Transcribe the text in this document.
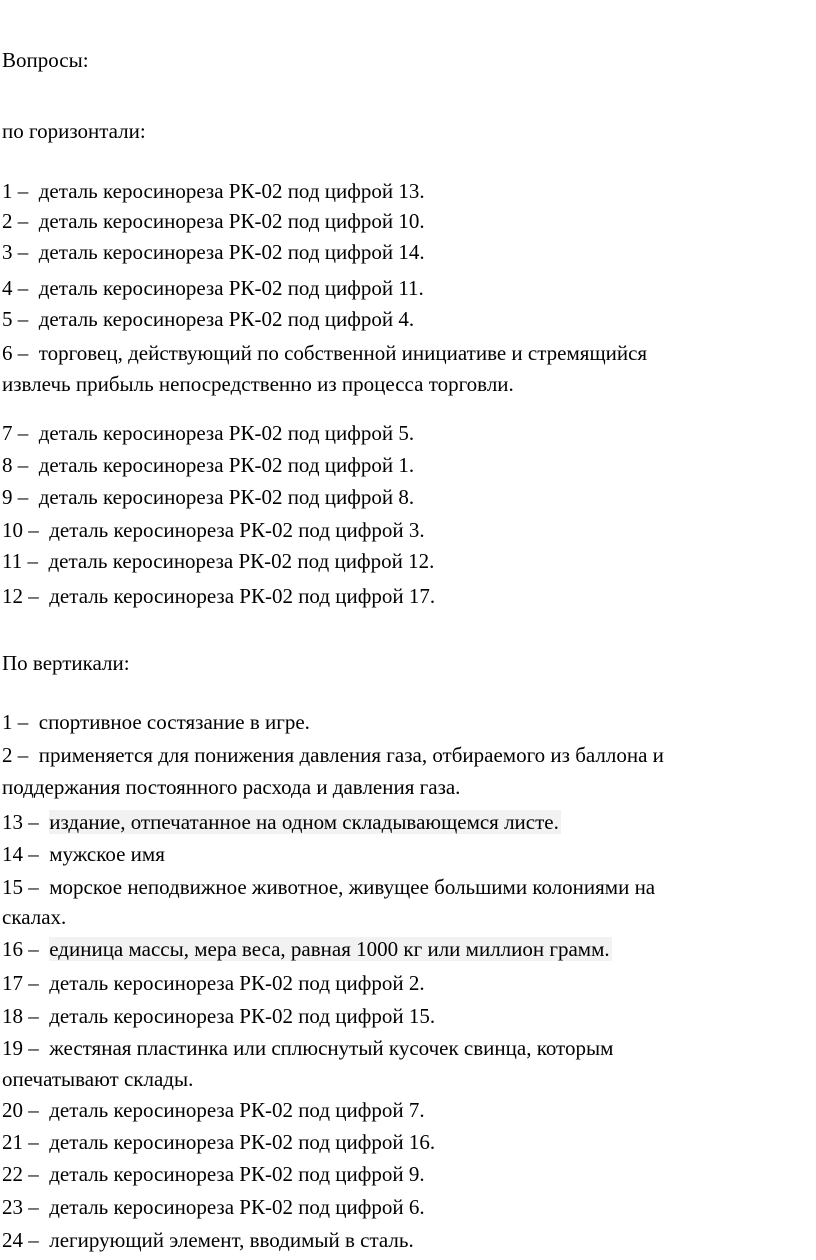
Вопросы:
по горизонтали:
1 – деталь керосинореза РК-02 под цифрой 13.
2 – деталь керосинореза РК-02 под цифрой 10.
3 – деталь керосинореза РК-02 под цифрой 14.
4 – деталь керосинореза РК-02 под цифрой 11.
5 – деталь керосинореза РК-02 под цифрой 4.
6 – торговец, действующий по собственной инициативе и стремящийся
извлечь прибыль непосредственно из процесса торговли.
7 – деталь керосинореза РК-02 под цифрой 5.
8 – деталь керосинореза РК-02 под цифрой 1.
9 – деталь керосинореза РК-02 под цифрой 8.
10 – деталь керосинореза РК-02 под цифрой 3.
11 – деталь керосинореза РК-02 под цифрой 12.
12 – деталь керосинореза РК-02 под цифрой 17.
По вертикали:
1 – спортивное состязание в игре.
2 – применяется для понижения давления газа, отбираемого из баллона и
поддержания постоянного расхода и давления газа.
13 – издание, отпечатанное на одном складывающемся листе.
14 – мужское имя
15 – морское неподвижное животное, живущее большими колониями на
скалах.
16 – единица массы, мера веса, равная 1000 кг или миллион грамм.
17 – деталь керосинореза РК-02 под цифрой 2.
18 – деталь керосинореза РК-02 под цифрой 15.
19 – жестяная пластинка или сплюснутый кусочек свинца, которым
опечатывают склады.
20 – деталь керосинореза РК-02 под цифрой 7.
21 – деталь керосинореза РК-02 под цифрой 16.
22 – деталь керосинореза РК-02 под цифрой 9.
23 – деталь керосинореза РК-02 под цифрой 6.
24 – легирующий элемент, вводимый в сталь.
